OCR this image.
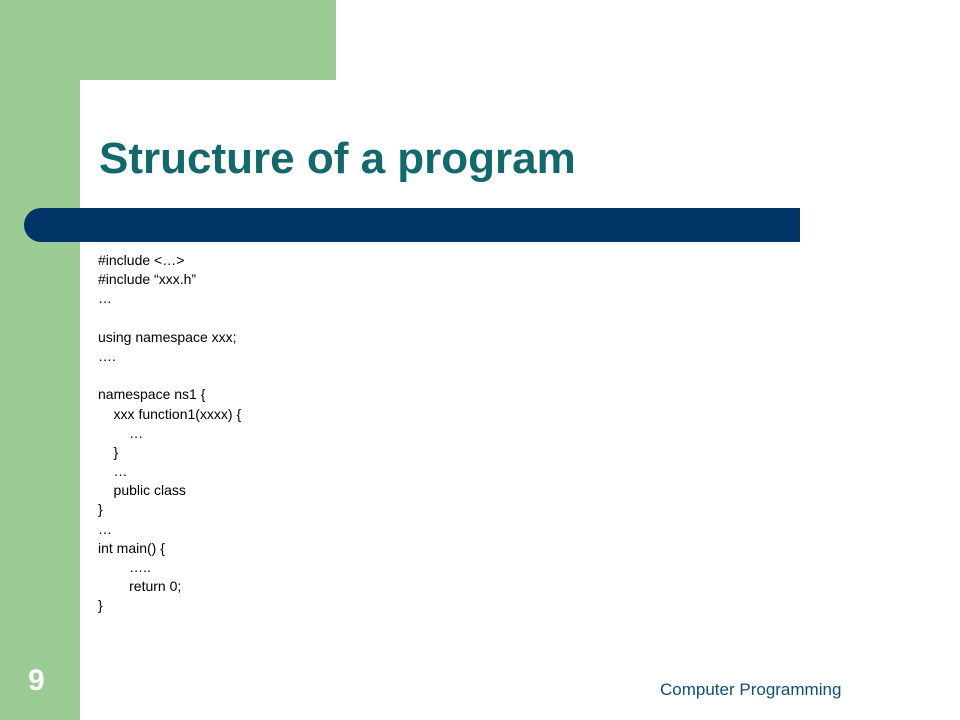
Structure of a program
#include <…>
#include “xxx.h”
…
using namespace xxx;
….
namespace ns1 {
xxx function1(xxxx) {
…
}
…
public class
}
…
int main() {
…..
return 0;
}
9	Computer Programming
